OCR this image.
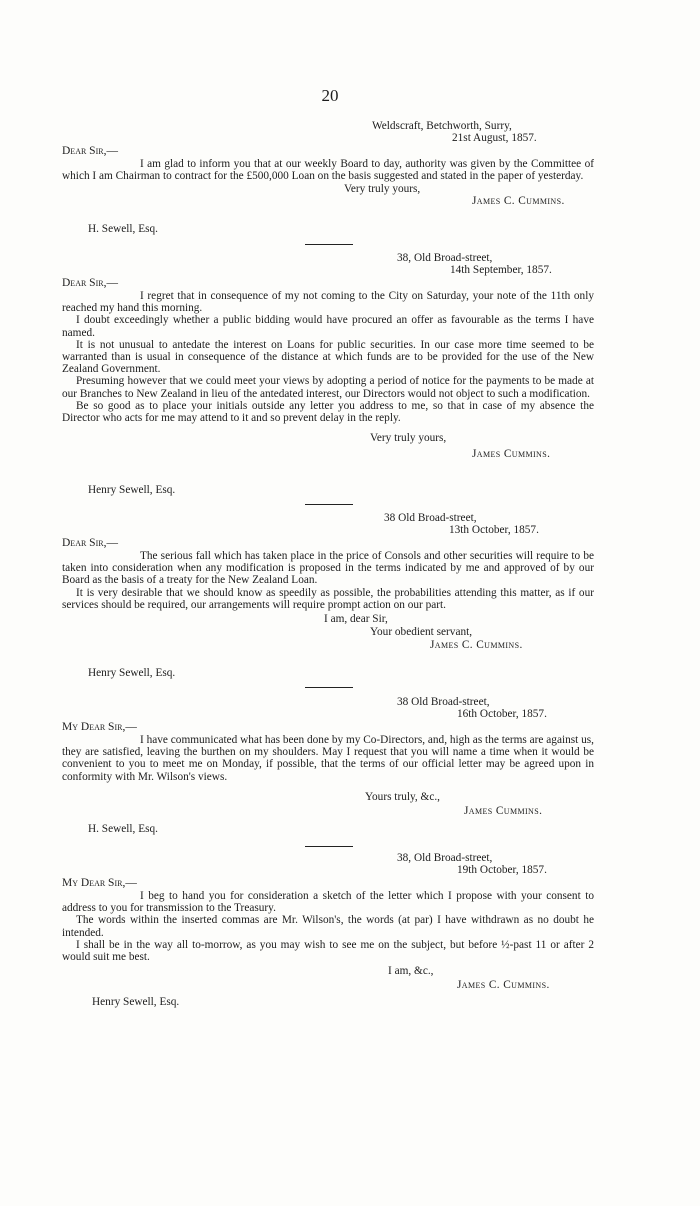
20
Weldscraft, Betchworth, Surry,
21st August, 1857.
Dear Sir,—

I am glad to inform you that at our weekly Board to day, authority was given by the Committee of which I am Chairman to contract for the £500,000 Loan on the basis suggested and stated in the paper of yesterday.

Very truly yours,
James C. Cummins.
H. Sewell, Esq.
38, Old Broad-street,
14th September, 1857.
Dear Sir,—

I regret that in consequence of my not coming to the City on Saturday, your note of the 11th only reached my hand this morning.

I doubt exceedingly whether a public bidding would have procured an offer as favourable as the terms I have named.

It is not unusual to antedate the interest on Loans for public securities. In our case more time seemed to be warranted than is usual in consequence of the distance at which funds are to be provided for the use of the New Zealand Government.

Presuming however that we could meet your views by adopting a period of notice for the payments to be made at our Branches to New Zealand in lieu of the antedated interest, our Directors would not object to such a modification.

Be so good as to place your initials outside any letter you address to me, so that in case of my absence the Director who acts for me may attend to it and so prevent delay in the reply.

Very truly yours,
James Cummins.
Henry Sewell, Esq.
38 Old Broad-street,
13th October, 1857.
Dear Sir,—

The serious fall which has taken place in the price of Consols and other securities will require to be taken into consideration when any modification is proposed in the terms indicated by me and approved of by our Board as the basis of a treaty for the New Zealand Loan.

It is very desirable that we should know as speedily as possible, the probabilities attending this matter, as if our services should be required, our arrangements will require prompt action on our part.

I am, dear Sir,
Your obedient servant,
James C. Cummins.
Henry Sewell, Esq.
38 Old Broad-street,
16th October, 1857.
My Dear Sir,—

I have communicated what has been done by my Co-Directors, and, high as the terms are against us, they are satisfied, leaving the burthen on my shoulders. May I request that you will name a time when it would be convenient to you to meet me on Monday, if possible, that the terms of our official letter may be agreed upon in conformity with Mr. Wilson's views.

Yours truly, &c.,
James Cummins.
H. Sewell, Esq.
38, Old Broad-street,
19th October, 1857.
My Dear Sir,—

I beg to hand you for consideration a sketch of the letter which I propose with your consent to address to you for transmission to the Treasury.

The words within the inserted commas are Mr. Wilson's, the words (at par) I have withdrawn as no doubt he intended.

I shall be in the way all to-morrow, as you may wish to see me on the subject, but before ½-past 11 or after 2 would suit me best.

I am, &c.,
James C. Cummins.
Henry Sewell, Esq.
